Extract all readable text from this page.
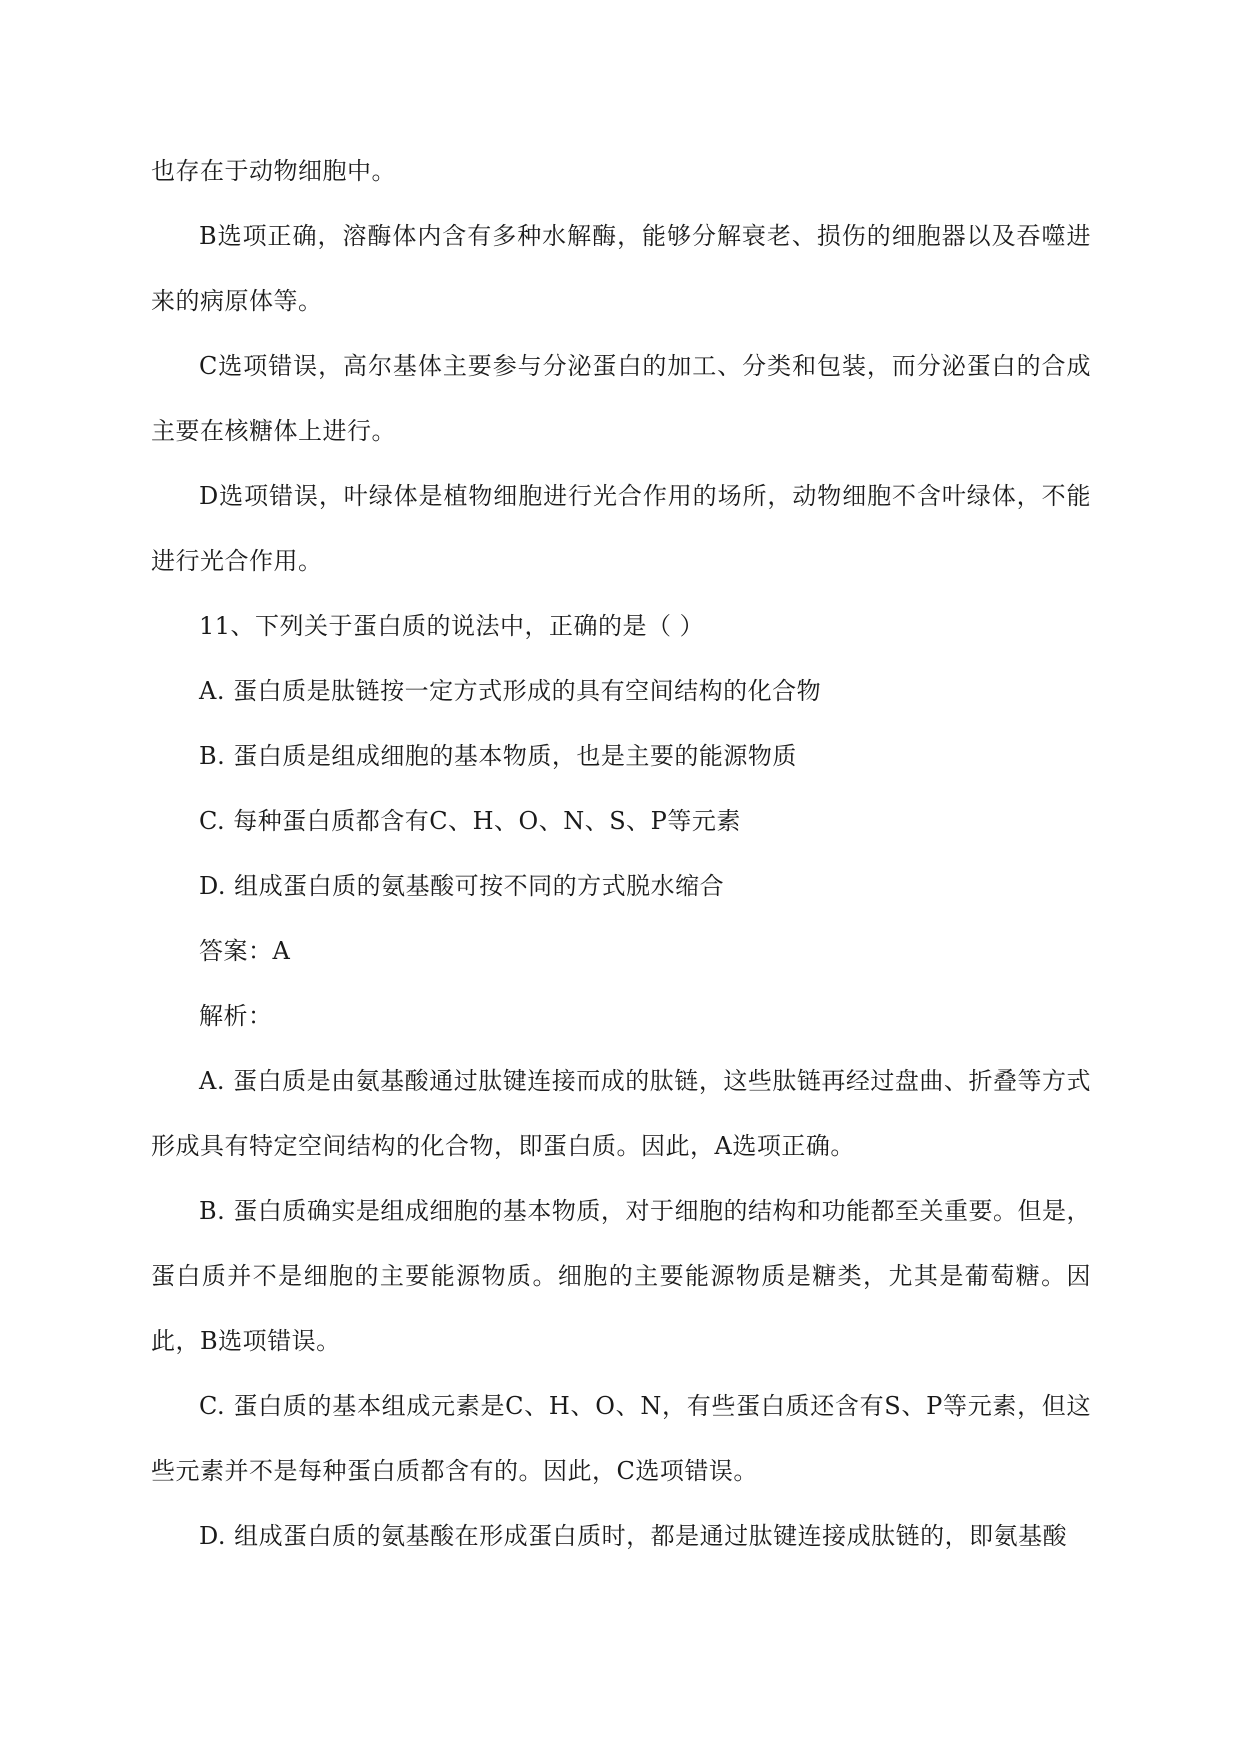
也存在于动物细胞中。

B选项正确，溶酶体内含有多种水解酶，能够分解衰老、损伤的细胞器以及吞噬进来的病原体等。

C选项错误，高尔基体主要参与分泌蛋白的加工、分类和包装，而分泌蛋白的合成主要在核糖体上进行。

D选项错误，叶绿体是植物细胞进行光合作用的场所，动物细胞不含叶绿体，不能进行光合作用。

11、下列关于蛋白质的说法中，正确的是（ ）

A. 蛋白质是肽链按一定方式形成的具有空间结构的化合物

B. 蛋白质是组成细胞的基本物质，也是主要的能源物质

C. 每种蛋白质都含有C、H、O、N、S、P等元素

D. 组成蛋白质的氨基酸可按不同的方式脱水缩合

答案：A

解析：

A. 蛋白质是由氨基酸通过肽键连接而成的肽链，这些肽链再经过盘曲、折叠等方式形成具有特定空间结构的化合物，即蛋白质。因此，A选项正确。

B. 蛋白质确实是组成细胞的基本物质，对于细胞的结构和功能都至关重要。但是，蛋白质并不是细胞的主要能源物质。细胞的主要能源物质是糖类，尤其是葡萄糖。因此，B选项错误。

C. 蛋白质的基本组成元素是C、H、O、N，有些蛋白质还含有S、P等元素，但这些元素并不是每种蛋白质都含有的。因此，C选项错误。

D. 组成蛋白质的氨基酸在形成蛋白质时，都是通过肽键连接成肽链的，即氨基酸
